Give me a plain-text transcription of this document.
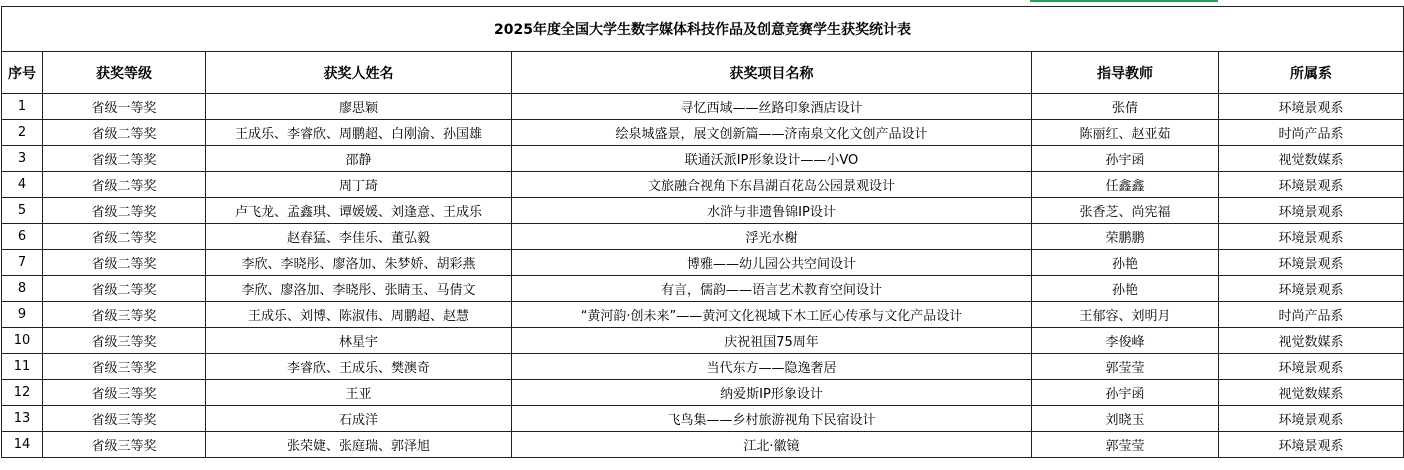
2025年度全国大学生数字媒体科技作品及创意竞赛学生获奖统计表					
序号	获奖等级	获奖人姓名	获奖项目名称	指导教师	所属系
1	省级一等奖	廖思颖	寻忆西域——丝路印象酒店设计	张倩	环境景观系
2	省级二等奖	王成乐、李睿欣、周鹏超、白刚渝、孙国雄	绘泉城盛景，展文创新篇——济南泉文化文创产品设计	陈丽红、赵亚茹	时尚产品系
3	省级二等奖	邵静	联通沃派IP形象设计——小VO	孙宇函	视觉数媒系
4	省级二等奖	周丁琦	文旅融合视角下东昌湖百花岛公园景观设计	任鑫鑫	环境景观系
5	省级二等奖	卢飞龙、孟鑫琪、谭媛媛、刘逢意、王成乐	水浒与非遗鲁锦IP设计	张香芝、尚宪福	环境景观系
6	省级二等奖	赵春猛、李佳乐、董弘毅	浮光水榭	荣鹏鹏	环境景观系
7	省级二等奖	李欣、李晓彤、廖洛加、朱梦娇、胡彩燕	博雅——幼儿园公共空间设计	孙艳	环境景观系
8	省级二等奖	李欣、廖洛加、李晓彤、张睛玉、马倩文	有言，儒韵——语言艺术教育空间设计	孙艳	环境景观系
9	省级三等奖	王成乐、刘博、陈淑伟、周鹏超、赵慧	“黄河韵·创未来”——黄河文化视域下木工匠心传承与文化产品设计	王郁容、刘明月	时尚产品系
10	省级三等奖	林星宇	庆祝祖国75周年	李俊峰	视觉数媒系
11	省级三等奖	李睿欣、王成乐、樊澳奇	当代东方——隐逸奢居	郭莹莹	环境景观系
12	省级三等奖	王亚	纳爱斯IP形象设计	孙宇函	视觉数媒系
13	省级三等奖	石成洋	飞鸟集——乡村旅游视角下民宿设计	刘晓玉	环境景观系
14	省级三等奖	张荣婕、张庭瑞、郭泽旭	江北·徽镜	郭莹莹	环境景观系
